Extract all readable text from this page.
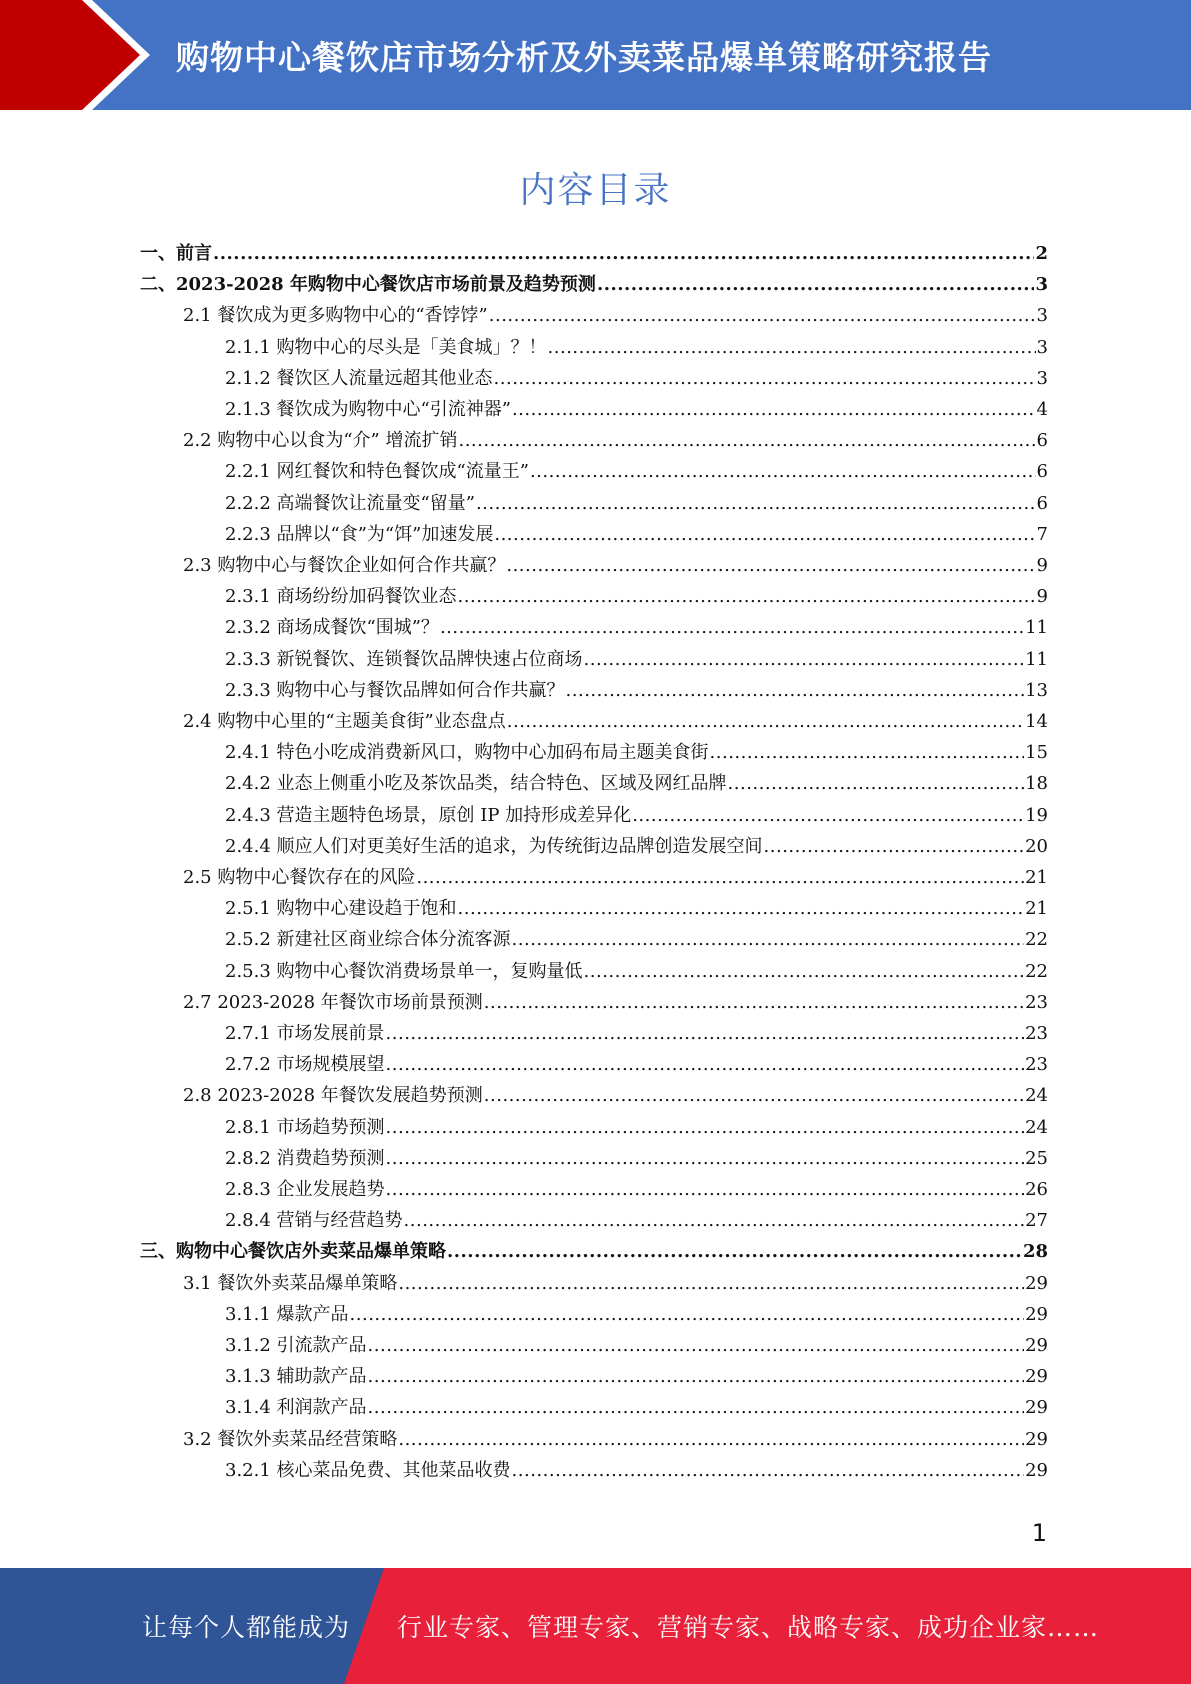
购物中心餐饮店市场分析及外卖菜品爆单策略研究报告
内容目录
一、前言 .....	2
二、2023-2028 年购物中心餐饮店市场前景及趋势预测 .....	3
2.1 餐饮成为更多购物中心的“香饽饽” .....	3
2.1.1 购物中心的尽头是「美食城」？！ .....	3
2.1.2 餐饮区人流量远超其他业态 .....	3
2.1.3 餐饮成为购物中心“引流神器” .....	4
2.2 购物中心以食为“介” 增流扩销 .....	6
2.2.1 网红餐饮和特色餐饮成“流量王” .....	6
2.2.2 高端餐饮让流量变“留量” .....	6
2.2.3 品牌以“食”为“饵”加速发展 .....	7
2.3 购物中心与餐饮企业如何合作共赢？ .....	9
2.3.1 商场纷纷加码餐饮业态 .....	9
2.3.2 商场成餐饮“围城”？ .....	11
2.3.3 新锐餐饮、连锁餐饮品牌快速占位商场 .....	11
2.3.3 购物中心与餐饮品牌如何合作共赢？ .....	13
2.4 购物中心里的“主题美食街”业态盘点 .....	14
2.4.1 特色小吃成消费新风口，购物中心加码布局主题美食街 .....	15
2.4.2 业态上侧重小吃及茶饮品类，结合特色、区域及网红品牌 .....	18
2.4.3 营造主题特色场景，原创 IP 加持形成差异化 .....	19
2.4.4 顺应人们对更美好生活的追求，为传统街边品牌创造发展空间 .....	20
2.5 购物中心餐饮存在的风险 .....	21
2.5.1 购物中心建设趋于饱和 .....	21
2.5.2 新建社区商业综合体分流客源 .....	22
2.5.3 购物中心餐饮消费场景单一，复购量低 .....	22
2.7 2023-2028 年餐饮市场前景预测 .....	23
2.7.1 市场发展前景 .....	23
2.7.2 市场规模展望 .....	23
2.8 2023-2028 年餐饮发展趋势预测 .....	24
2.8.1 市场趋势预测 .....	24
2.8.2 消费趋势预测 .....	25
2.8.3 企业发展趋势 .....	26
2.8.4 营销与经营趋势 .....	27
三、购物中心餐饮店外卖菜品爆单策略 .....	28
3.1 餐饮外卖菜品爆单策略 .....	29
3.1.1 爆款产品 .....	29
3.1.2 引流款产品 .....	29
3.1.3 辅助款产品 .....	29
3.1.4 利润款产品 .....	29
3.2 餐饮外卖菜品经营策略 .....	29
3.2.1 核心菜品免费、其他菜品收费 .....	29
1
让每个人都能成为 行业专家、管理专家、营销专家、战略专家、成功企业家……
